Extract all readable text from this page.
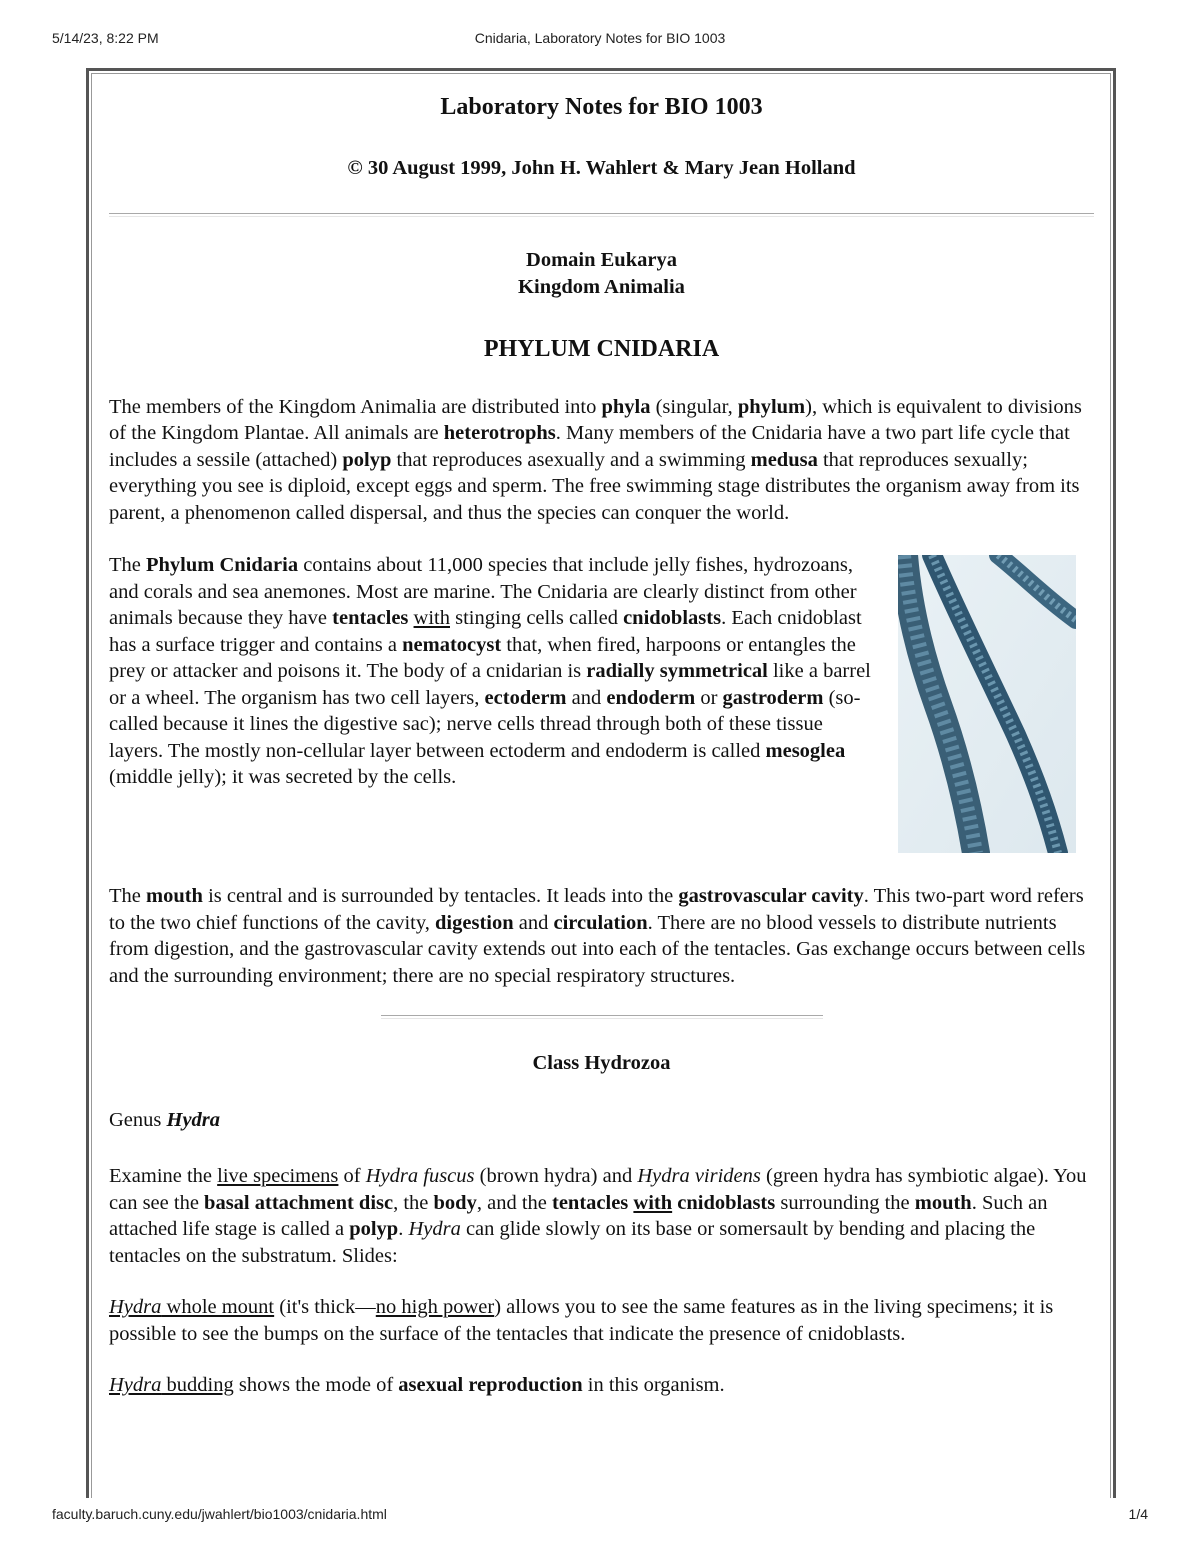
5/14/23, 8:22 PM	Cnidaria, Laboratory Notes for BIO 1003

Laboratory Notes for BIO 1003

© 30 August 1999, John H. Wahlert & Mary Jean Holland

Domain Eukarya
Kingdom Animalia

PHYLUM CNIDARIA

The members of the Kingdom Animalia are distributed into phyla (singular, phylum), which is equivalent to divisions of the Kingdom Plantae. All animals are heterotrophs. Many members of the Cnidaria have a two part life cycle that includes a sessile (attached) polyp that reproduces asexually and a swimming medusa that reproduces sexually; everything you see is diploid, except eggs and sperm. The free swimming stage distributes the organism away from its parent, a phenomenon called dispersal, and thus the species can conquer the world.

The Phylum Cnidaria contains about 11,000 species that include jelly fishes, hydrozoans, and corals and sea anemones. Most are marine. The Cnidaria are clearly distinct from other animals because they have tentacles with stinging cells called cnidoblasts. Each cnidoblast has a surface trigger and contains a nematocyst that, when fired, harpoons or entangles the prey or attacker and poisons it. The body of a cnidarian is radially symmetrical like a barrel or a wheel. The organism has two cell layers, ectoderm and endoderm or gastroderm (so-called because it lines the digestive sac); nerve cells thread through both of these tissue layers. The mostly non-cellular layer between ectoderm and endoderm is called mesoglea (middle jelly); it was secreted by the cells.

The mouth is central and is surrounded by tentacles. It leads into the gastrovascular cavity. This two-part word refers to the two chief functions of the cavity, digestion and circulation. There are no blood vessels to distribute nutrients from digestion, and the gastrovascular cavity extends out into each of the tentacles. Gas exchange occurs between cells and the surrounding environment; there are no special respiratory structures.

Class Hydrozoa

Genus Hydra

Examine the live specimens of Hydra fuscus (brown hydra) and Hydra viridens (green hydra has symbiotic algae). You can see the basal attachment disc, the body, and the tentacles with cnidoblasts surrounding the mouth. Such an attached life stage is called a polyp. Hydra can glide slowly on its base or somersault by bending and placing the tentacles on the substratum. Slides:

Hydra whole mount (it's thick—no high power) allows you to see the same features as in the living specimens; it is possible to see the bumps on the surface of the tentacles that indicate the presence of cnidoblasts.

Hydra budding shows the mode of asexual reproduction in this organism.

faculty.baruch.cuny.edu/jwahlert/bio1003/cnidaria.html	1/4
